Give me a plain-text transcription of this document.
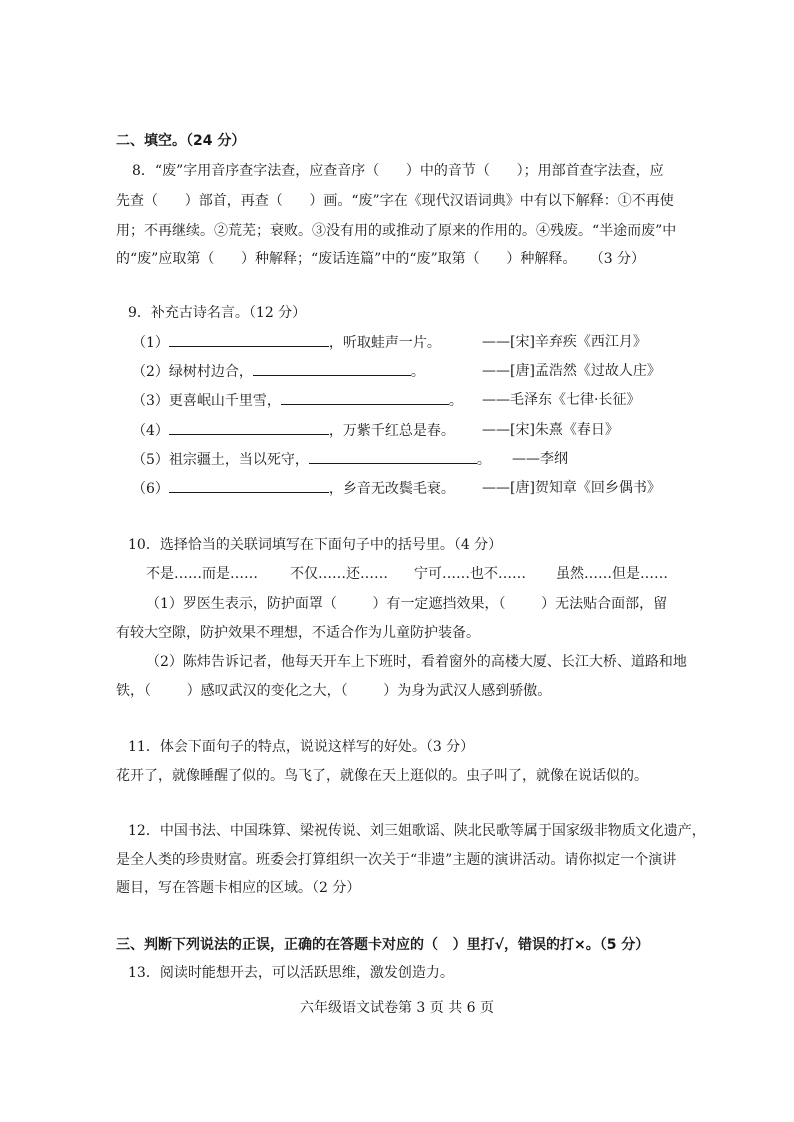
二、填空。（24 分）
8．“废”字用音序查字法查，应查音序（      ）中的音节（      ）；用部首查字法查，应
先查（      ）部首，再查（      ）画。“废”字在《现代汉语词典》中有以下解释：①不再使
用；不再继续。②荒芜；衰败。③没有用的或推动了原来的作用的。④残废。“半途而废”中
的“废”应取第（      ）种解释；“废话连篇”中的“废”取第（      ）种解释。   （3 分）
9．补充古诗名言。（12 分）
（1）	，听取蛙声一片。	——[宋]辛弃疾《西江月》
（2）绿树村边合，	。	——[唐]孟浩然《过故人庄》
（3）更喜岷山千里雪，	。 ——毛泽东《七律·长征》
（4）	，万紫千红总是春。 ——[宋]朱熹《春日》
（5）祖宗疆土，当以死守，	。 ——李纲
（6）	，乡音无改鬓毛衰。 ——[唐]贺知章《回乡偶书》
10．选择恰当的关联词填写在下面句子中的括号里。（4 分）
不是……而是…… 不仅……还…… 宁可……也不…… 虽然……但是……
（1）罗医生表示，防护面罩（        ）有一定遮挡效果，（        ）无法贴合面部，留
有较大空隙，防护效果不理想，不适合作为儿童防护装备。
（2）陈炜告诉记者，他每天开车上下班时，看着窗外的高楼大厦、长江大桥、道路和地
铁，（        ）感叹武汉的变化之大，（        ）为身为武汉人感到骄傲。
11．体会下面句子的特点，说说这样写的好处。（3 分）
花开了，就像睡醒了似的。鸟飞了，就像在天上逛似的。虫子叫了，就像在说话似的。
12．中国书法、中国珠算、梁祝传说、刘三姐歌谣、陕北民歌等属于国家级非物质文化遗产，
是全人类的珍贵财富。班委会打算组织一次关于“非遗”主题的演讲活动。请你拟定一个演讲
题目，写在答题卡相应的区域。（2 分）
三、判断下列说法的正误，正确的在答题卡对应的（   ）里打√，错误的打×。（5 分）
13．阅读时能想开去，可以活跃思维，激发创造力。
六年级语文试卷第 3 页 共 6 页
